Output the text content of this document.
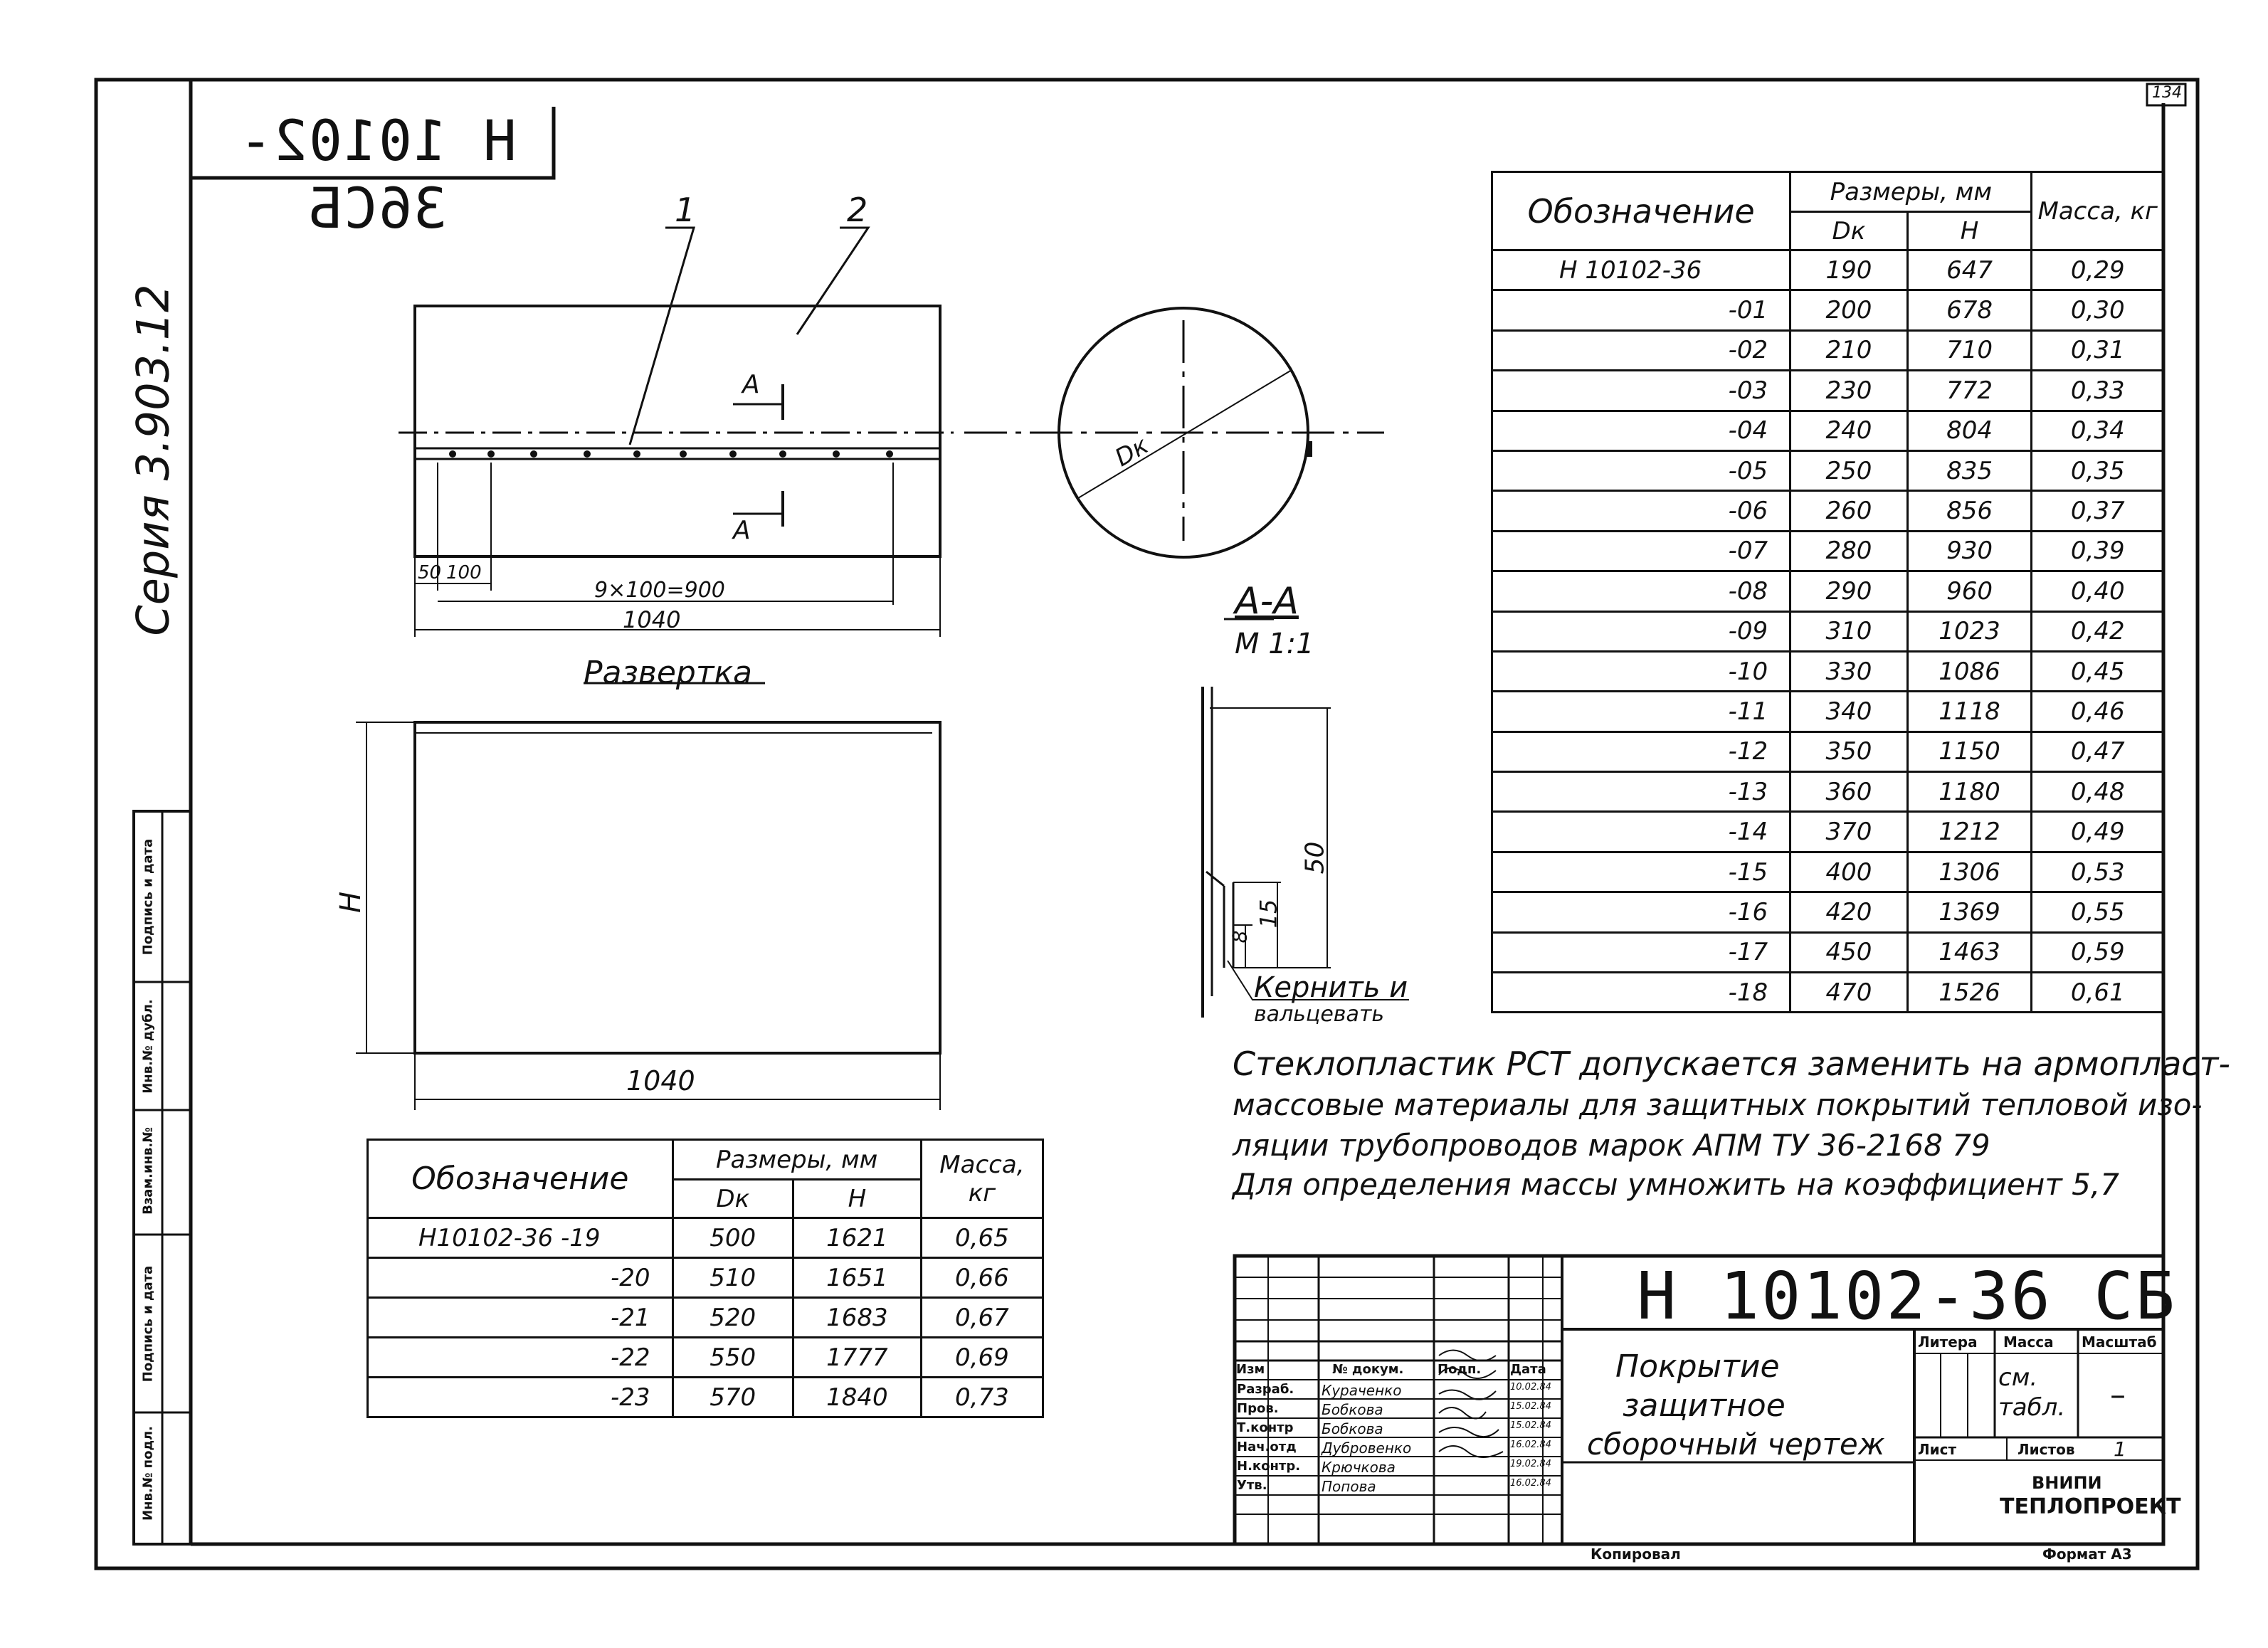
134
Н 10102-36СБ
Серия 3.903.12
Инв.№ подл.
Подпись и дата
Взам.инв.№
Инв.№ дубл.
Подпись и дата
Копировал	Формат А3
1	2
A
A
50 100
9×100=900
1040
Развертка
H
1040
Dк
А-А
М 1:1
50
15
8
Кернить и
вальцевать
Обозначение	Размеры, мм		Масса, кг
	Dк	H	
Н 10102-36	190	647	0,29
-01	200	678	0,30
-02	210	710	0,31
-03	230	772	0,33
-04	240	804	0,34
-05	250	835	0,35
-06	260	856	0,37
-07	280	930	0,39
-08	290	960	0,40
-09	310	1023	0,42
-10	330	1086	0,45
-11	340	1118	0,46
-12	350	1150	0,47
-13	360	1180	0,48
-14	370	1212	0,49
-15	400	1306	0,53
-16	420	1369	0,55
-17	450	1463	0,59
-18	470	1526	0,61
Обозначение	Размеры, мм		Масса, кг
	Dк	H	
Н10102-36 -19	500	1621	0,65
-20	510	1651	0,66
-21	520	1683	0,67
-22	550	1777	0,69
-23	570	1840	0,73
Стеклопластик РСТ допускается заменить на армопласт-
массовые материалы для защитных покрытий тепловой изо-
ляции трубопроводов марок АПМ ТУ 36-2168 79
Для определения массы умножить на коэффициент 5,7
Н 10102-36 СБ
Покрытие
защитное
сборочный чертеж
Изм	№ докум.	Подп. Дата
Разраб. Кураченко	10.02.84
Пров.	Бобкова	15.02.84
Т.контр Бобкова	15.02.84
Нач.отд Дубровенко	16.02.84
Н.контр. Крючкова	19.02.84
Утв.	Попова	16.02.84
Литера Масса Масштаб
см. табл.	–
Лист	Листов 1
ВНИПИ
ТЕПЛОПРОЕКТ
